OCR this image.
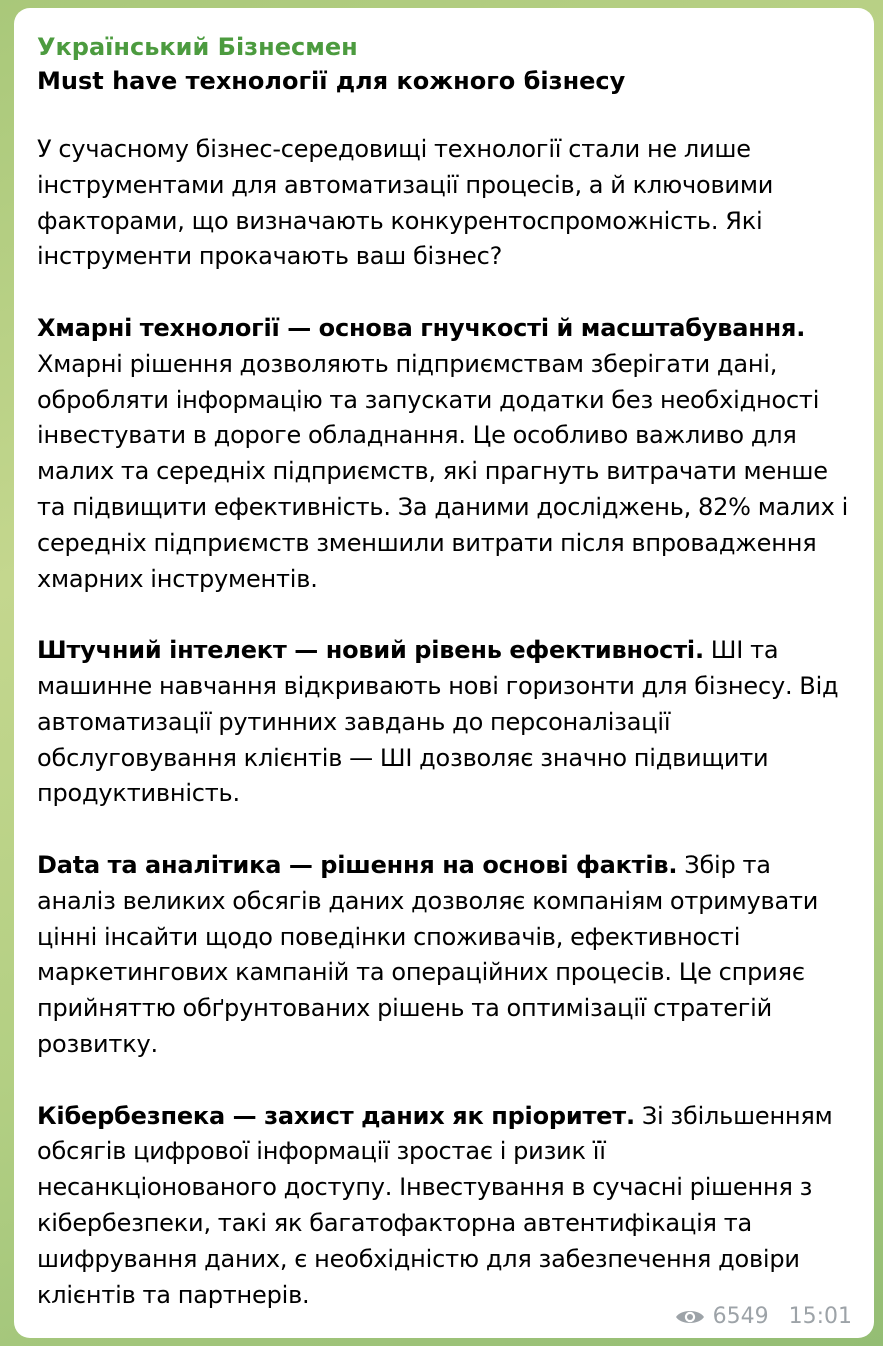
Український Бізнесмен
Must have технології для кожного бізнесу
У сучасному бізнес-середовищі технології стали не лише інструментами для автоматизації процесів, а й ключовими факторами, що визначають конкурентоспроможність. Які інструменти прокачають ваш бізнес?
Хмарні технології — основа гнучкості й масштабування. Хмарні рішення дозволяють підприємствам зберігати дані, обробляти інформацію та запускати додатки без необхідності інвестувати в дороге обладнання. Це особливо важливо для малих та середніх підприємств, які прагнуть витрачати менше та підвищити ефективність. За даними досліджень, 82% малих і середніх підприємств зменшили витрати після впровадження хмарних інструментів.
Штучний інтелект — новий рівень ефективності. ШІ та машинне навчання відкривають нові горизонти для бізнесу. Від автоматизації рутинних завдань до персоналізації обслуговування клієнтів — ШІ дозволяє значно підвищити продуктивність.
Data та аналітика — рішення на основі фактів. Збір та аналіз великих обсягів даних дозволяє компаніям отримувати цінні інсайти щодо поведінки споживачів, ефективності маркетингових кампаній та операційних процесів. Це сприяє прийняттю обґрунтованих рішень та оптимізації стратегій розвитку.
Кібербезпека — захист даних як пріоритет. Зі збільшенням обсягів цифрової інформації зростає і ризик її несанкціонованого доступу. Інвестування в сучасні рішення з кібербезпеки, такі як багатофакторна автентифікація та шифрування даних, є необхідністю для забезпечення довіри клієнтів та партнерів.
6549 15:01
